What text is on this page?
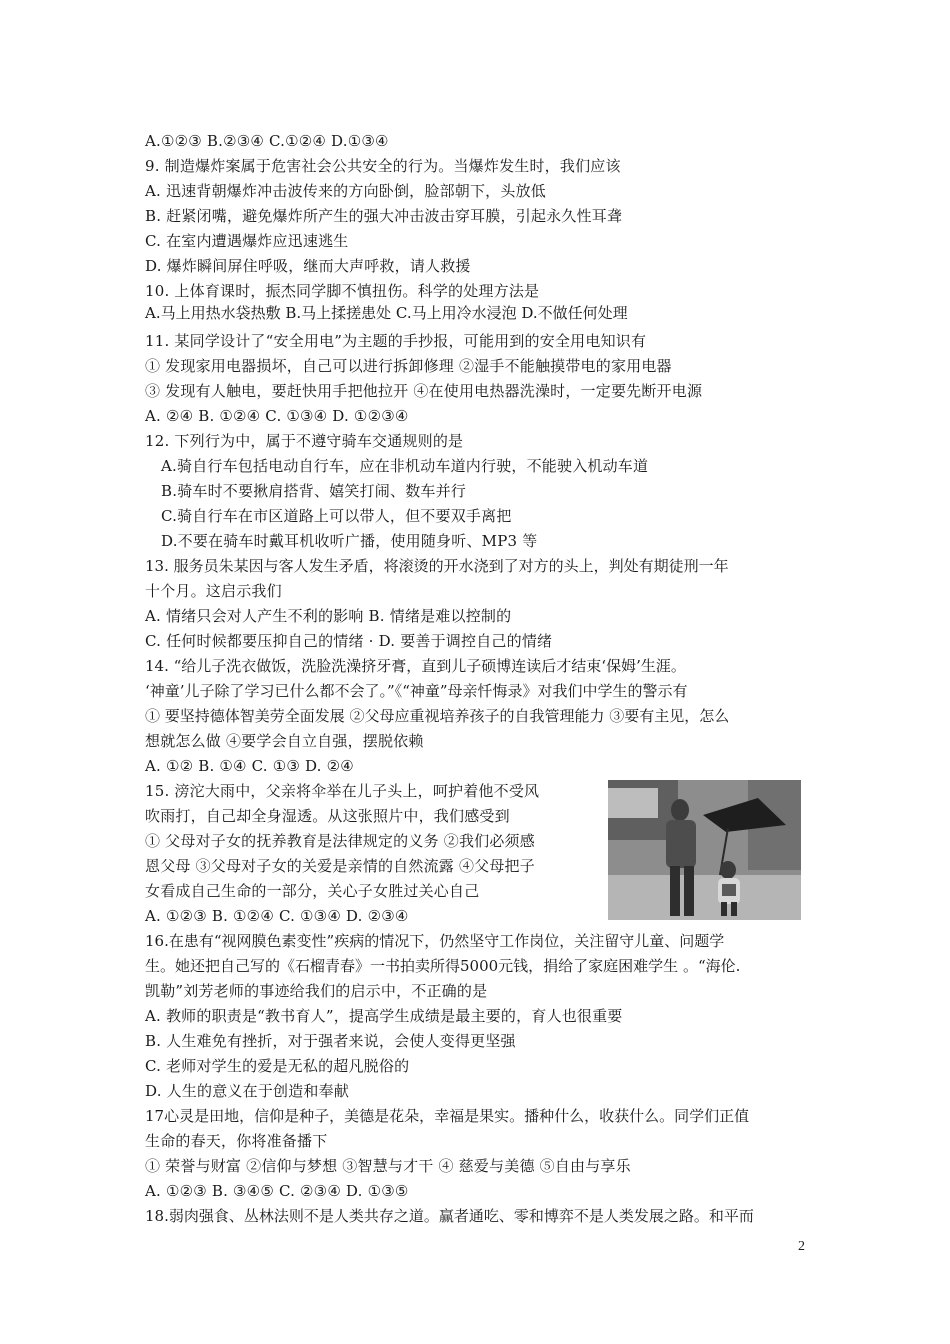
A.①②③ B.②③④ C.①②④ D.①③④
9. 制造爆炸案属于危害社会公共安全的行为。当爆炸发生时，我们应该
A. 迅速背朝爆炸冲击波传来的方向卧倒，脸部朝下，头放低
B. 赶紧闭嘴，避免爆炸所产生的强大冲击波击穿耳膜，引起永久性耳聋
C. 在室内遭遇爆炸应迅速逃生
D. 爆炸瞬间屏住呼吸，继而大声呼救，请人救援
10. 上体育课时，振杰同学脚不慎扭伤。科学的处理方法是
A.马上用热水袋热敷 B.马上揉搓患处 C.马上用冷水浸泡 D.不做任何处理
11. 某同学设计了“安全用电”为主题的手抄报，可能用到的安全用电知识有
① 发现家用电器损坏，自己可以进行拆卸修理 ②湿手不能触摸带电的家用电器
③ 发现有人触电，要赶快用手把他拉开 ④在使用电热器洗澡时，一定要先断开电源
A. ②④ B. ①②④ C. ①③④ D. ①②③④
12. 下列行为中，属于不遵守骑车交通规则的是
A.骑自行车包括电动自行车，应在非机动车道内行驶，不能驶入机动车道
B.骑车时不要揪肩搭背、嬉笑打闹、数车并行
C.骑自行车在市区道路上可以带人，但不要双手离把
D.不要在骑车时戴耳机收听广播，使用随身听、MP3 等
13. 服务员朱某因与客人发生矛盾，将滚烫的开水浇到了对方的头上，判处有期徒刑一年
十个月。这启示我们
A. 情绪只会对人产生不利的影响 B. 情绪是难以控制的
C. 任何时候都要压抑自己的情绪 · D. 要善于调控自己的情绪
14. “给儿子洗衣做饭，洗脸洗澡挤牙膏，直到儿子硕博连读后才结束‘保姆’生涯。
‘神童’儿子除了学习已什么都不会了。”《“神童”母亲忏悔录》对我们中学生的警示有
① 要坚持德体智美劳全面发展 ②父母应重视培养孩子的自我管理能力 ③要有主见，怎么
想就怎么做 ④要学会自立自强，摆脱依赖
A. ①② B. ①④ C. ①③ D. ②④
15. 滂沱大雨中，父亲将伞举在儿子头上，呵护着他不受风
吹雨打，自己却全身湿透。从这张照片中，我们感受到
① 父母对子女的抚养教育是法律规定的义务 ②我们必须感
恩父母 ③父母对子女的关爱是亲情的自然流露 ④父母把子
女看成自己生命的一部分，关心子女胜过关心自己
A. ①②③ B. ①②④ C. ①③④ D. ②③④
16.在患有“视网膜色素变性”疾病的情况下，仍然坚守工作岗位，关注留守儿童、问题学
生。她还把自己写的《石榴青春》一书拍卖所得5000元钱，捐给了家庭困难学生 。“海伦.
凯勒”刘芳老师的事迹给我们的启示中，不正确的是
A. 教师的职责是“教书育人”，提高学生成绩是最主要的，育人也很重要
B. 人生难免有挫折，对于强者来说，会使人变得更坚强
C. 老师对学生的爱是无私的超凡脱俗的
D. 人生的意义在于创造和奉献
17心灵是田地，信仰是种子，美德是花朵，幸福是果实。播种什么，收获什么。同学们正值
生命的春天，你将准备播下
① 荣誉与财富 ②信仰与梦想 ③智慧与才干 ④ 慈爱与美德 ⑤自由与享乐
A. ①②③ B. ③④⑤ C. ②③④ D. ①③⑤
18.弱肉强食、丛林法则不是人类共存之道。赢者通吃、零和博弈不是人类发展之路。和平而
2
